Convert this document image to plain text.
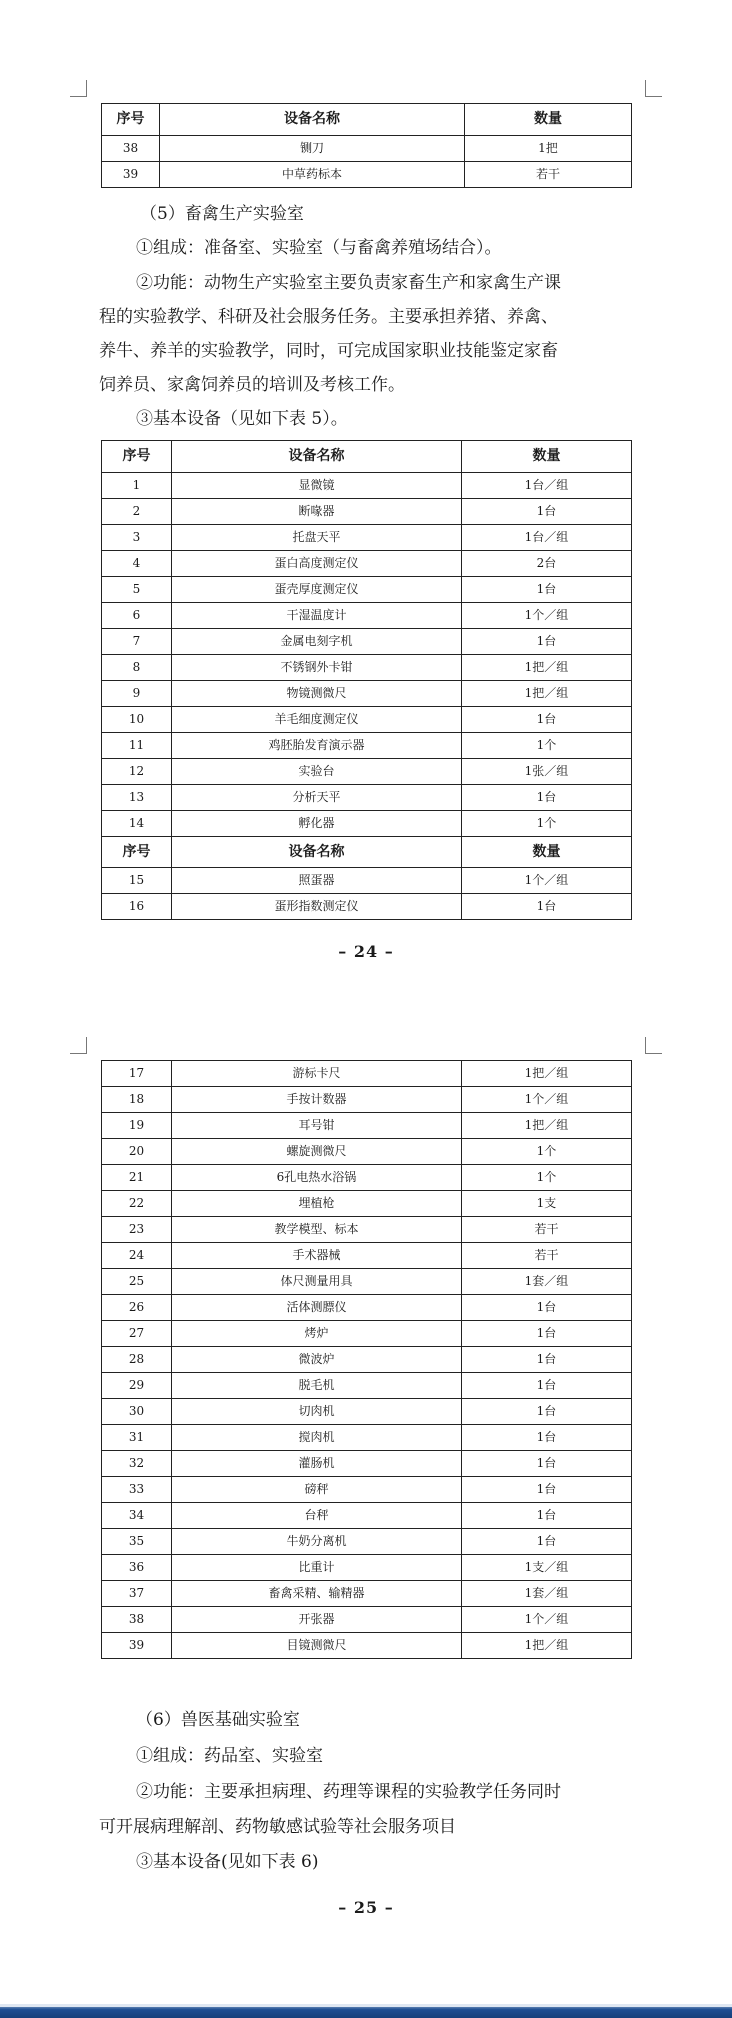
序号	设备名称	数量
38	铡刀	1把
39	中草药标本	若干
（5）畜禽生产实验室
①组成：准备室、实验室（与畜禽养殖场结合）。
②功能：动物生产实验室主要负责家畜生产和家禽生产课
程的实验教学、科研及社会服务任务。主要承担养猪、养禽、
养牛、养羊的实验教学，同时，可完成国家职业技能鉴定家畜
饲养员、家禽饲养员的培训及考核工作。
③基本设备（见如下表 5）。
序号	设备名称	数量
1	显微镜	1台／组
2	断喙器	1台
3	托盘天平	1台／组
4	蛋白高度测定仪	2台
5	蛋壳厚度测定仪	1台
6	干湿温度计	1个／组
7	金属电刻字机	1台
8	不锈钢外卡钳	1把／组
9	物镜测微尺	1把／组
10	羊毛细度测定仪	1台
11	鸡胚胎发育演示器	1个
12	实验台	1张／组
13	分析天平	1台
14	孵化器	1个
序号	设备名称	数量
15	照蛋器	1个／组
16	蛋形指数测定仪	1台
– 24 –
17	游标卡尺	1把／组
18	手按计数器	1个／组
19	耳号钳	1把／组
20	螺旋测微尺	1个
21	6孔电热水浴锅	1个
22	埋植枪	1支
23	教学模型、标本	若干
24	手术器械	若干
25	体尺测量用具	1套／组
26	活体测膘仪	1台
27	烤炉	1台
28	微波炉	1台
29	脱毛机	1台
30	切肉机	1台
31	搅肉机	1台
32	灌肠机	1台
33	磅秤	1台
34	台秤	1台
35	牛奶分离机	1台
36	比重计	1支／组
37	畜禽采精、输精器	1套／组
38	开张器	1个／组
39	目镜测微尺	1把／组
（6）兽医基础实验室
①组成：药品室、实验室
②功能：主要承担病理、药理等课程的实验教学任务同时
可开展病理解剖、药物敏感试验等社会服务项目
③基本设备(见如下表 6)
– 25 –
